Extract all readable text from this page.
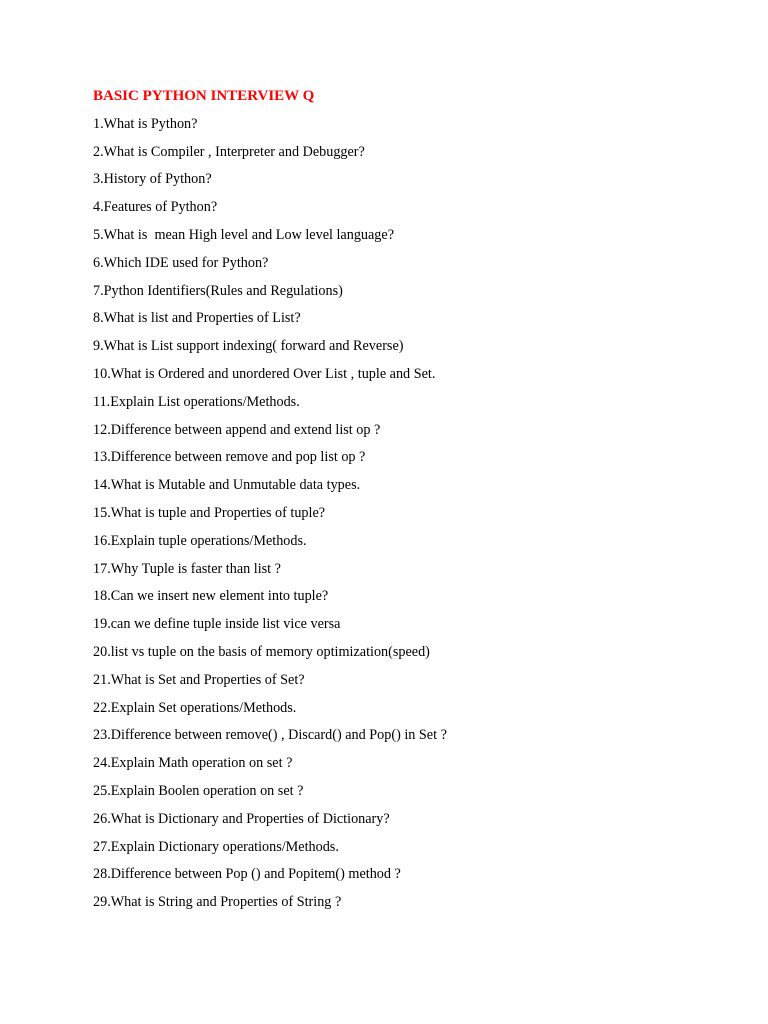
BASIC PYTHON INTERVIEW Q
1.What is Python?
2.What is Compiler , Interpreter and Debugger?
3.History of Python?
4.Features of Python?
5.What is  mean High level and Low level language?
6.Which IDE used for Python?
7.Python Identifiers(Rules and Regulations)
8.What is list and Properties of List?
9.What is List support indexing( forward and Reverse)
10.What is Ordered and unordered Over List , tuple and Set.
11.Explain List operations/Methods.
12.Difference between append and extend list op ?
13.Difference between remove and pop list op ?
14.What is Mutable and Unmutable data types.
15.What is tuple and Properties of tuple?
16.Explain tuple operations/Methods.
17.Why Tuple is faster than list ?
18.Can we insert new element into tuple?
19.can we define tuple inside list vice versa
20.list vs tuple on the basis of memory optimization(speed)
21.What is Set and Properties of Set?
22.Explain Set operations/Methods.
23.Difference between remove() , Discard() and Pop() in Set ?
24.Explain Math operation on set ?
25.Explain Boolen operation on set ?
26.What is Dictionary and Properties of Dictionary?
27.Explain Dictionary operations/Methods.
28.Difference between Pop () and Popitem() method ?
29.What is String and Properties of String ?
